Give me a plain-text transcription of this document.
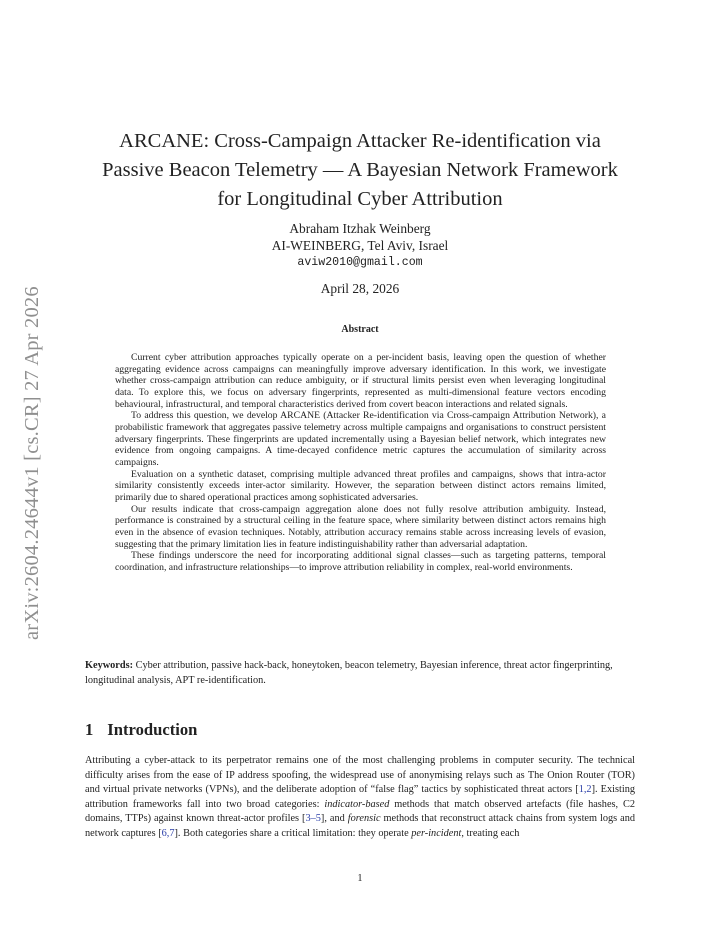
arXiv:2604.24644v1 [cs.CR] 27 Apr 2026
ARCANE: Cross-Campaign Attacker Re-identification via
Passive Beacon Telemetry — A Bayesian Network Framework
for Longitudinal Cyber Attribution
Abraham Itzhak Weinberg
AI-WEINBERG, Tel Aviv, Israel
aviw2010@gmail.com
April 28, 2026
Abstract

Current cyber attribution approaches typically operate on a per-incident basis, leaving open the question of whether aggregating evidence across campaigns can meaningfully improve adversary identification. In this work, we investigate whether cross-campaign attribution can reduce ambiguity, or if structural limits persist even when leveraging longitudinal data. To explore this, we focus on adversary fingerprints, represented as multi-dimensional feature vectors encoding behavioural, infrastructural, and temporal characteristics derived from covert beacon interactions and related signals.

To address this question, we develop ARCANE (Attacker Re-identification via Cross-campaign Attribution Network), a probabilistic framework that aggregates passive telemetry across multiple campaigns and organisations to construct persistent adversary fingerprints. These fingerprints are updated incrementally using a Bayesian belief network, which integrates new evidence from ongoing campaigns. A time-decayed confidence metric captures the accumulation of similarity across campaigns.

Evaluation on a synthetic dataset, comprising multiple advanced threat profiles and campaigns, shows that intra-actor similarity consistently exceeds inter-actor similarity. However, the separation between distinct actors remains limited, primarily due to shared operational practices among sophisticated adversaries.

Our results indicate that cross-campaign aggregation alone does not fully resolve attribution ambiguity. Instead, performance is constrained by a structural ceiling in the feature space, where similarity between distinct actors remains high even in the absence of evasion techniques. Notably, attribution accuracy remains stable across increasing levels of evasion, suggesting that the primary limitation lies in feature indistinguishability rather than adversarial adaptation.

These findings underscore the need for incorporating additional signal classes—such as targeting patterns, temporal coordination, and infrastructure relationships—to improve attribution reliability in complex, real-world environments.

Keywords: Cyber attribution, passive hack-back, honeytoken, beacon telemetry, Bayesian inference, threat actor fingerprinting, longitudinal analysis, APT re-identification.
1 Introduction

Attributing a cyber-attack to its perpetrator remains one of the most challenging problems in computer security. The technical difficulty arises from the ease of IP address spoofing, the widespread use of anonymising relays such as The Onion Router (TOR) and virtual private networks (VPNs), and the deliberate adoption of “false flag” tactics by sophisticated threat actors [1,2]. Existing attribution frameworks fall into two broad categories: indicator-based methods that match observed artefacts (file hashes, C2 domains, TTPs) against known threat-actor profiles [3–5], and forensic methods that reconstruct attack chains from system logs and network captures [6,7]. Both categories share a critical limitation: they operate per-incident, treating each

1
